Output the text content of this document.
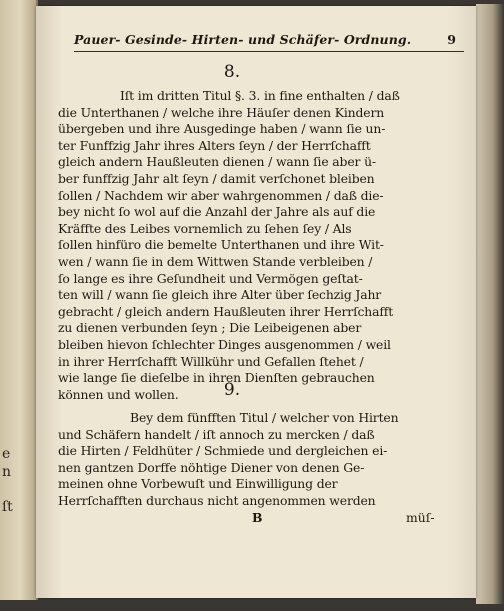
e
n
ſt
Pauer- Gesinde- Hirten- und Schäfer- Ordnung.	9
8.
Iſt im dritten Titul §. 3. in fine enthalten / daß
die Unterthanen / welche ihre Häuſer denen Kindern
übergeben und ihre Ausgedinge haben / wann ſie un-
ter Funffzig Jahr ihres Alters ſeyn / der Herrſchafft
gleich andern Haußleuten dienen / wann ſie aber ü-
ber funffzig Jahr alt ſeyn / damit verſchonet bleiben
ſollen / Nachdem wir aber wahrgenommen / daß die-
bey nicht ſo wol auf die Anzahl der Jahre als auf die
Kräffte des Leibes vornemlich zu ſehen ſey / Als
ſollen hinfüro die bemelte Unterthanen und ihre Wit-
wen / wann ſie in dem Wittwen Stande verbleiben /
ſo lange es ihre Geſundheit und Vermögen geſtat-
ten will / wann ſie gleich ihre Alter über ſechzig Jahr
gebracht / gleich andern Haußleuten ihrer Herrſchafft
zu dienen verbunden ſeyn ; Die Leibeigenen aber
bleiben hievon ſchlechter Dinges ausgenommen / weil
in ihrer Herrſchafft Willkühr und Gefallen ſtehet /
wie lange ſie dieſelbe in ihren Dienſten gebrauchen
können und wollen.	9.
Bey dem fünfften Titul / welcher von Hirten
und Schäfern handelt / iſt annoch zu mercken / daß
die Hirten / Feldhüter / Schmiede und dergleichen ei-
nen gantzen Dorffe nöhtige Diener von denen Ge-
meinen ohne Vorbewuſt und Einwilligung der
Herrſchafften durchaus nicht angenommen werden
B	müſ-
